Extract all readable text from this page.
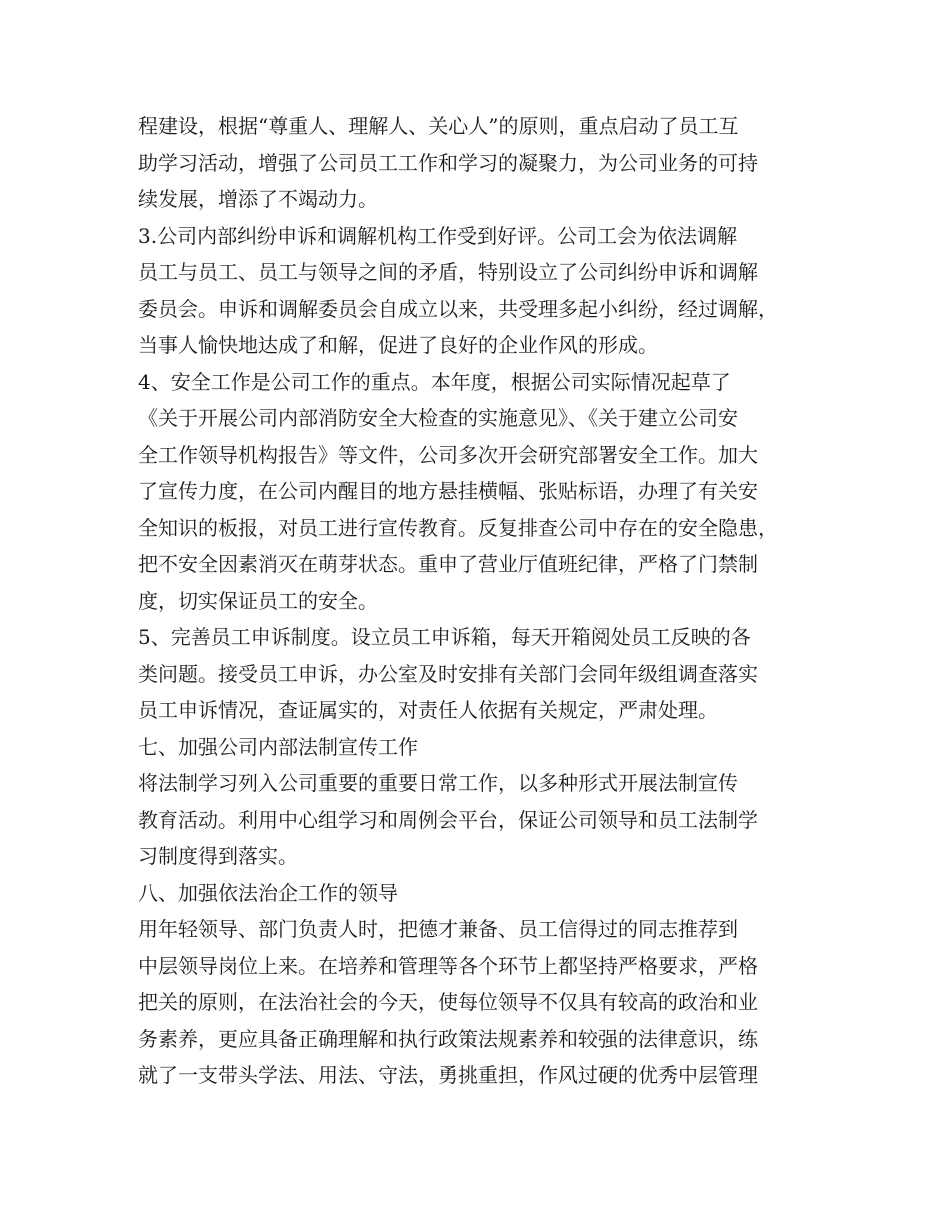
程建设，根据“尊重人、理解人、关心人”的原则，重点启动了员工互
助学习活动，增强了公司员工工作和学习的凝聚力，为公司业务的可持
续发展，增添了不竭动力。
3.公司内部纠纷申诉和调解机构工作受到好评。公司工会为依法调解
员工与员工、员工与领导之间的矛盾，特别设立了公司纠纷申诉和调解
委员会。申诉和调解委员会自成立以来，共受理多起小纠纷，经过调解，
当事人愉快地达成了和解，促进了良好的企业作风的形成。
4、安全工作是公司工作的重点。本年度，根据公司实际情况起草了
《关于开展公司内部消防安全大检查的实施意见》、《关于建立公司安
全工作领导机构报告》等文件，公司多次开会研究部署安全工作。加大
了宣传力度，在公司内醒目的地方悬挂横幅、张贴标语，办理了有关安
全知识的板报，对员工进行宣传教育。反复排查公司中存在的安全隐患，
把不安全因素消灭在萌芽状态。重申了营业厅值班纪律，严格了门禁制
度，切实保证员工的安全。
5、完善员工申诉制度。设立员工申诉箱，每天开箱阅处员工反映的各
类问题。接受员工申诉，办公室及时安排有关部门会同年级组调查落实
员工申诉情况，查证属实的，对责任人依据有关规定，严肃处理。
七、加强公司内部法制宣传工作
将法制学习列入公司重要的重要日常工作，以多种形式开展法制宣传
教育活动。利用中心组学习和周例会平台，保证公司领导和员工法制学
习制度得到落实。
八、加强依法治企工作的领导
用年轻领导、部门负责人时，把德才兼备、员工信得过的同志推荐到
中层领导岗位上来。在培养和管理等各个环节上都坚持严格要求，严格
把关的原则，在法治社会的今天，使每位领导不仅具有较高的政治和业
务素养，更应具备正确理解和执行政策法规素养和较强的法律意识，练
就了一支带头学法、用法、守法，勇挑重担，作风过硬的优秀中层管理
